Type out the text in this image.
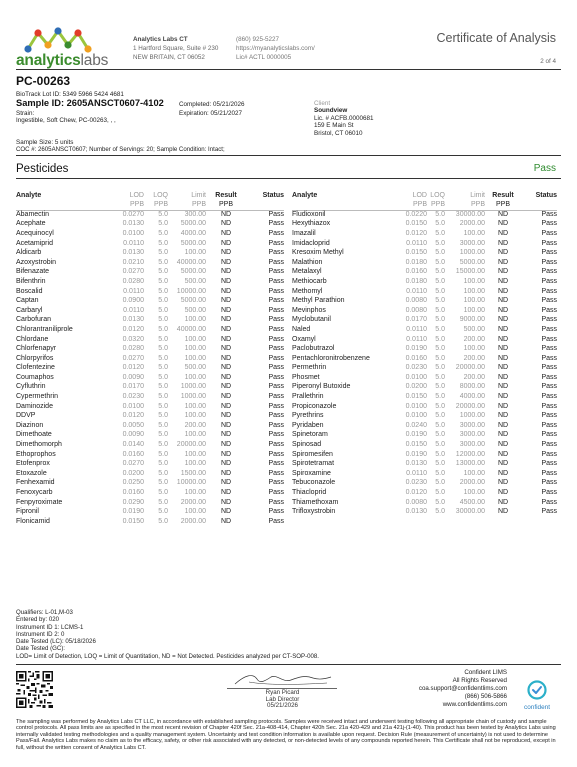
analyticslabs
Analytics Labs CT
1 Hartford Square, Suite # 230
NEW BRITAIN, CT 06052
(860) 925-5227
https://myanalyticslabs.com/
Lic# ACTL 0000005
Certificate of Analysis
2 of 4
PC-00263
BioTrack Lot ID: 5349 5966 5424 4681
Sample ID: 2605ANSCT0607-4102
Strain:
Ingestible, Soft Chew, PC-00263, , ,
Completed: 05/21/2026
Expiration: 05/21/2027
Client
Soundview
Lic. # ACFB.0000681
159 E Main St
Bristol, CT 06010
Sample Size: 5 units
COC #: 2605ANSCT0607; Number of Servings: 20; Sample Condition: Intact;
Pesticides	Pass
Analyte	LOD	LOQ	Limit	Result	Status
	PPB	PPB	PPB	PPB	
Abamectin	0.0270	5.0	300.00	ND	Pass
Acephate	0.0130	5.0	5000.00	ND	Pass
Acequinocyl	0.0100	5.0	4000.00	ND	Pass
Acetamiprid	0.0110	5.0	5000.00	ND	Pass
Aldicarb	0.0130	5.0	100.00	ND	Pass
Azoxystrobin	0.0210	5.0	40000.00	ND	Pass
Bifenazate	0.0270	5.0	5000.00	ND	Pass
Bifenthrin	0.0280	5.0	500.00	ND	Pass
Boscalid	0.0110	5.0	10000.00	ND	Pass
Captan	0.0900	5.0	5000.00	ND	Pass
Carbaryl	0.0110	5.0	500.00	ND	Pass
Carbofuran	0.0130	5.0	100.00	ND	Pass
Chlorantraniliprole	0.0120	5.0	40000.00	ND	Pass
Chlordane	0.0320	5.0	100.00	ND	Pass
Chlorfenapyr	0.0280	5.0	100.00	ND	Pass
Chlorpyrifos	0.0270	5.0	100.00	ND	Pass
Clofentezine	0.0120	5.0	500.00	ND	Pass
Coumaphos	0.0090	5.0	100.00	ND	Pass
Cyfluthrin	0.0170	5.0	1000.00	ND	Pass
Cypermethrin	0.0230	5.0	1000.00	ND	Pass
Daminozide	0.0100	5.0	100.00	ND	Pass
DDVP	0.0120	5.0	100.00	ND	Pass
Diazinon	0.0050	5.0	200.00	ND	Pass
Dimethoate	0.0090	5.0	100.00	ND	Pass
Dimethomorph	0.0140	5.0	20000.00	ND	Pass
Ethoprophos	0.0160	5.0	100.00	ND	Pass
Etofenprox	0.0270	5.0	100.00	ND	Pass
Etoxazole	0.0200	5.0	1500.00	ND	Pass
Fenhexamid	0.0250	5.0	10000.00	ND	Pass
Fenoxycarb	0.0160	5.0	100.00	ND	Pass
Fenpyroximate	0.0290	5.0	2000.00	ND	Pass
Fipronil	0.0190	5.0	100.00	ND	Pass
Flonicamid	0.0150	5.0	2000.00	ND	Pass
Analyte	LOD	LOQ	Limit	Result	Status
	PPB	PPB	PPB	PPB	
Fludioxonil	0.0220	5.0	30000.00	ND	Pass
Hexythiazox	0.0150	5.0	2000.00	ND	Pass
Imazalil	0.0120	5.0	100.00	ND	Pass
Imidacloprid	0.0110	5.0	3000.00	ND	Pass
Kresoxim Methyl	0.0150	5.0	1000.00	ND	Pass
Malathion	0.0180	5.0	5000.00	ND	Pass
Metalaxyl	0.0160	5.0	15000.00	ND	Pass
Methiocarb	0.0180	5.0	100.00	ND	Pass
Methomyl	0.0110	5.0	100.00	ND	Pass
Methyl Parathion	0.0080	5.0	100.00	ND	Pass
Mevinphos	0.0080	5.0	100.00	ND	Pass
Myclobutanil	0.0170	5.0	9000.00	ND	Pass
Naled	0.0110	5.0	500.00	ND	Pass
Oxamyl	0.0110	5.0	200.00	ND	Pass
Paclobutrazol	0.0190	5.0	100.00	ND	Pass
Pentachloronitrobenzene	0.0160	5.0	200.00	ND	Pass
Permethrin	0.0230	5.0	20000.00	ND	Pass
Phosmet	0.0100	5.0	200.00	ND	Pass
Piperonyl Butoxide	0.0200	5.0	8000.00	ND	Pass
Prallethrin	0.0150	5.0	4000.00	ND	Pass
Propiconazole	0.0100	5.0	20000.00	ND	Pass
Pyrethrins	0.0100	5.0	1000.00	ND	Pass
Pyridaben	0.0240	5.0	3000.00	ND	Pass
Spinetoram	0.0190	5.0	3000.00	ND	Pass
Spinosad	0.0150	5.0	3000.00	ND	Pass
Spiromesifen	0.0190	5.0	12000.00	ND	Pass
Spirotetramat	0.0130	5.0	13000.00	ND	Pass
Spiroxamine	0.0110	5.0	100.00	ND	Pass
Tebuconazole	0.0230	5.0	2000.00	ND	Pass
Thiacloprid	0.0120	5.0	100.00	ND	Pass
Thiamethoxam	0.0080	5.0	4500.00	ND	Pass
Trifloxystrobin	0.0130	5.0	30000.00	ND	Pass
Qualifiers: L-01,M-03
Entered by: 020
Instrument ID 1: LCMS-1
Instrument ID 2: 0
Date Tested (LC): 05/18/2026
Date Tested (GC):
LOD= Limit of Detection, LOQ = Limit of Quantitation, ND = Not Detected. Pesticides analyzed per CT-SOP-008.
Ryan Picard
Lab Director
05/21/2026
Confident LIMS
All Rights Reserved
coa.support@confidentlims.com
(866) 506-5866
www.confidentlims.com	confident
The sampling was performed by Analytics Labs CT LLC, in accordance with established sampling protocols. Samples were received intact and underwent testing following all appropriate chain of custody and sample control protocols. All pass limits are as specified in the most recent revision of Chapter 420f Sec. 21a-408-414, Chapter 420h Sec. 21a 420-429 and 21a 421j-(1-40). This product has been tested by Analytics Labs using internally validated testing methodologies and a quality management system. Uncertainty and test condition information is available upon request. Decision Rule (measurement of uncertainty) is not used to determine Pass/Fail. Analytics Labs makes no claim as to the efficacy, safety, or other risk associated with any detected, or non-detected levels of any compounds reported herein. This Certificate shall not be reproduced, except in full, without the written consent of Analytics Labs CT.
